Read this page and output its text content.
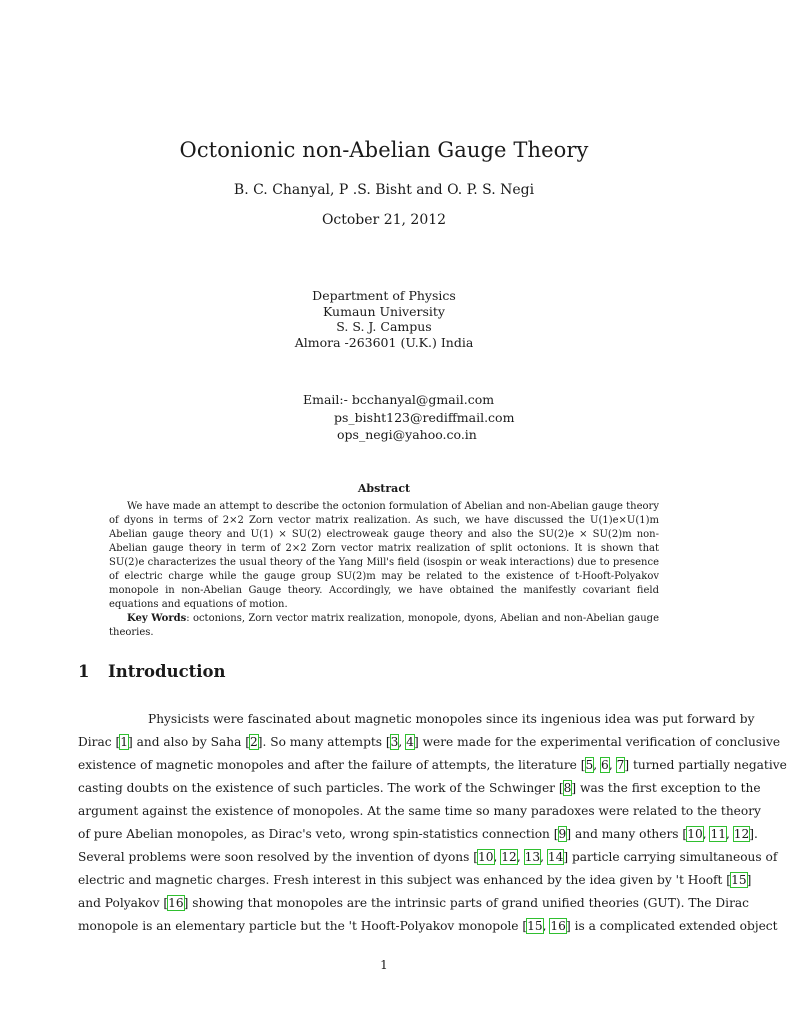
Octonionic non-Abelian Gauge Theory
B. C. Chanyal, P .S. Bisht and O. P. S. Negi
October 21, 2012
Department of Physics
Kumaun University
S. S. J. Campus
Almora -263601 (U.K.) India
Email:- bcchanyal@gmail.com
ps_bisht123@rediffmail.com
ops_negi@yahoo.co.in
Abstract

We have made an attempt to describe the octonion formulation of Abelian and non-Abelian gauge theory of dyons in terms of 2×2 Zorn vector matrix realization. As such, we have discussed the U(1)e×U(1)m Abelian gauge theory and U(1) × SU(2) electroweak gauge theory and also the SU(2)e × SU(2)m non-Abelian gauge theory in term of 2×2 Zorn vector matrix realization of split octonions. It is shown that SU(2)e characterizes the usual theory of the Yang Mill's field (isospin or weak interactions) due to presence of electric charge while the gauge group SU(2)m may be related to the existence of t-Hooft-Polyakov monopole in non-Abelian Gauge theory. Accordingly, we have obtained the manifestly covariant field equations and equations of motion.

Key Words: octonions, Zorn vector matrix realization, monopole, dyons, Abelian and non-Abelian gauge theories.

1 Introduction
Physicists were fascinated about magnetic monopoles since its ingenious idea was put forward by
Dirac [1] and also by Saha [2]. So many attempts [3, 4] were made for the experimental verification of conclusive
existence of magnetic monopoles and after the failure of attempts, the literature [5, 6, 7] turned partially negative
casting doubts on the existence of such particles. The work of the Schwinger [8] was the first exception to the
argument against the existence of monopoles. At the same time so many paradoxes were related to the theory
of pure Abelian monopoles, as Dirac's veto, wrong spin-statistics connection [9] and many others [10, 11, 12].
Several problems were soon resolved by the invention of dyons [10, 12, 13, 14] particle carrying simultaneous of
electric and magnetic charges. Fresh interest in this subject was enhanced by the idea given by 't Hooft [15]
and Polyakov [16] showing that monopoles are the intrinsic parts of grand unified theories (GUT). The Dirac
monopole is an elementary particle but the 't Hooft-Polyakov monopole [15, 16] is a complicated extended object
1
